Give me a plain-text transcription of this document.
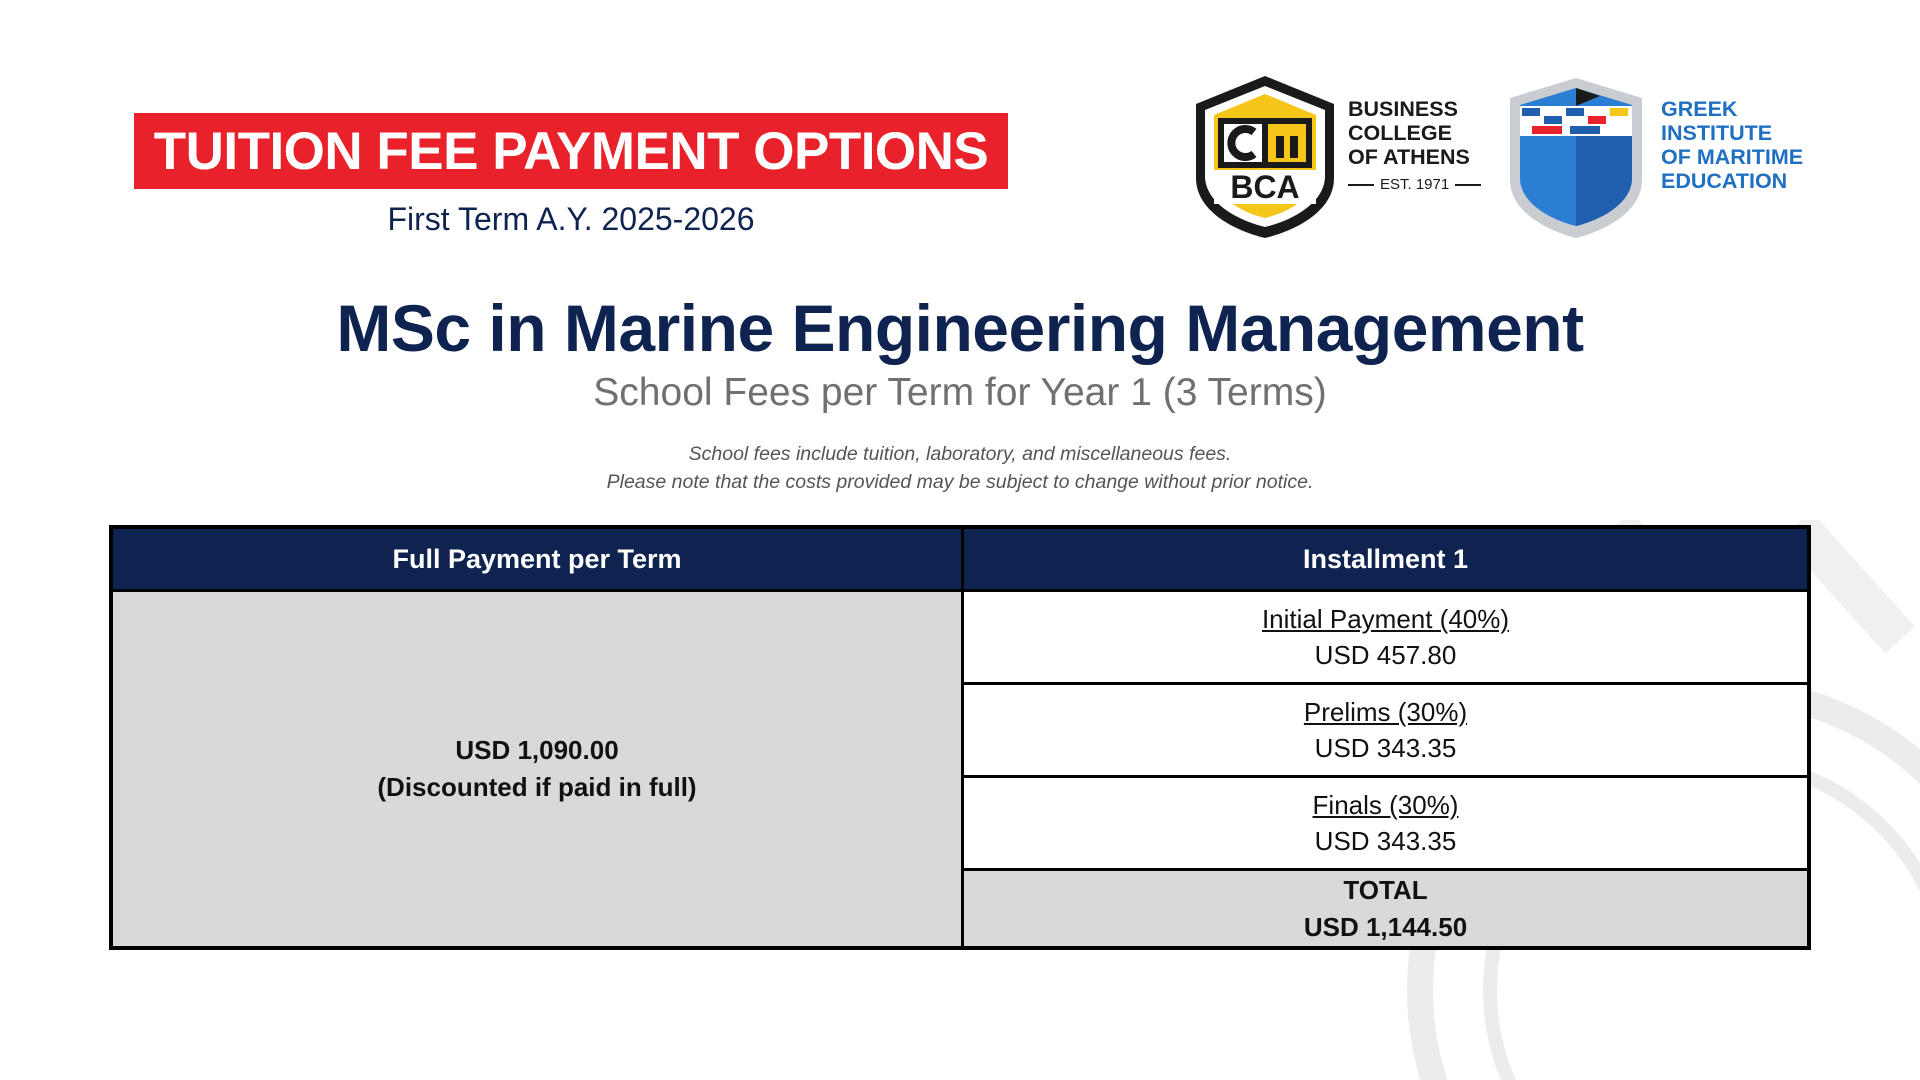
TUITION FEE PAYMENT OPTIONS
First Term A.Y. 2025-2026
BCA
BUSINESS
COLLEGE
OF ATHENS
EST. 1971
GREEK
INSTITUTE
OF MARITIME
EDUCATION
MSc in Marine Engineering Management
School Fees per Term for Year 1 (3 Terms)
School fees include tuition, laboratory, and miscellaneous fees.
Please note that the costs provided may be subject to change without prior notice.
Full Payment per Term	Installment 1
USD 1,090.00
(Discounted if paid in full)
Initial Payment (40%)
USD 457.80
Prelims (30%)
USD 343.35
Finals (30%)
USD 343.35
TOTAL
USD 1,144.50
